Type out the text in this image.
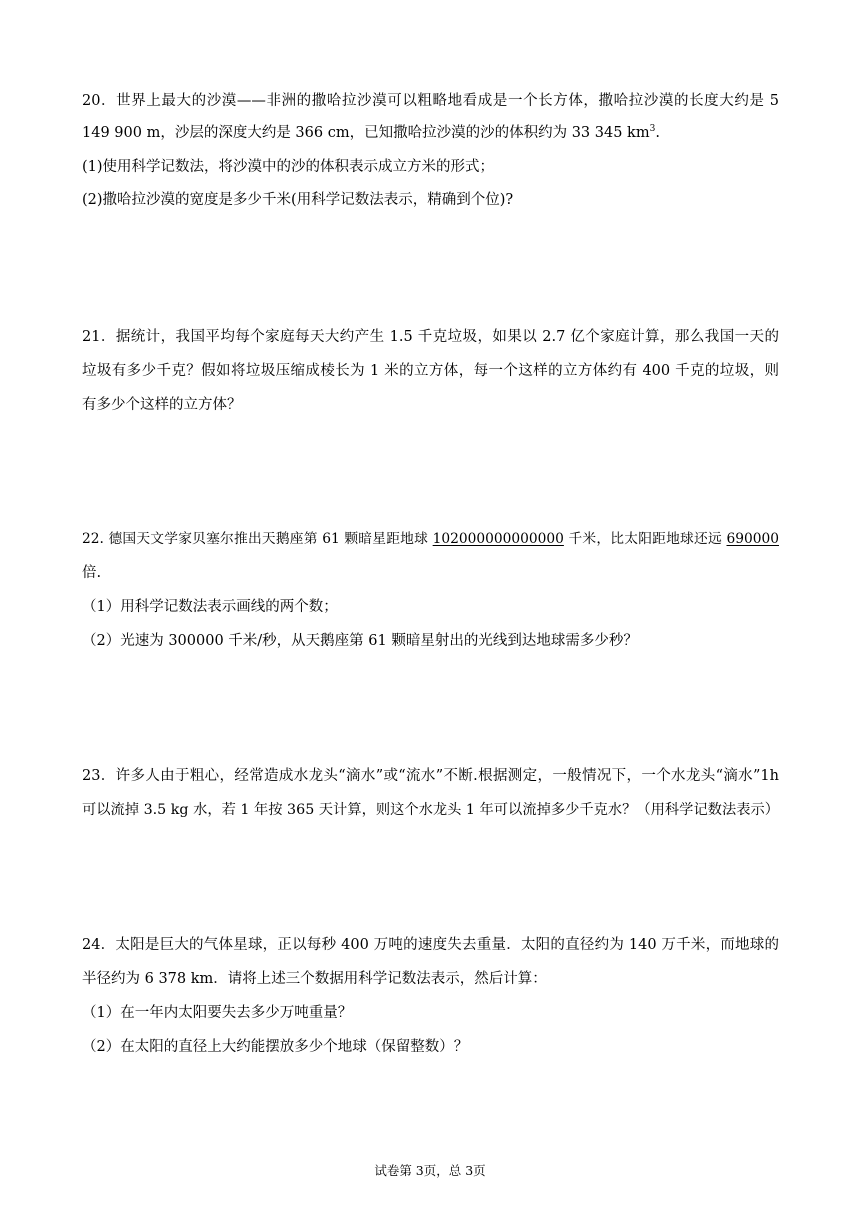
20．世界上最大的沙漠——非洲的撒哈拉沙漠可以粗略地看成是一个长方体，撒哈拉沙漠的长度大约是 5
149 900 m，沙层的深度大约是 366 cm，已知撒哈拉沙漠的沙的体积约为 33 345 $km^3$.
(1)使用科学记数法，将沙漠中的沙的体积表示成立方米的形式；
(2)撒哈拉沙漠的宽度是多少千米(用科学记数法表示，精确到个位)?
21．据统计，我国平均每个家庭每天大约产生 1.5 千克垃圾，如果以 2.7 亿个家庭计算，那么我国一天的
垃圾有多少千克？假如将垃圾压缩成棱长为 1 米的立方体，每一个这样的立方体约有 400 千克的垃圾，则
有多少个这样的立方体？
22. 德国天文学家贝塞尔推出天鹅座第 61 颗暗星距地球 102000000000000 千米，比太阳距地球还远 690000
倍.
（1）用科学记数法表示画线的两个数；
（2）光速为 300000 千米/秒，从天鹅座第 61 颗暗星射出的光线到达地球需多少秒？
23．许多人由于粗心，经常造成水龙头“滴水”或“流水”不断.根据测定，一般情况下，一个水龙头“滴水”1h
可以流掉 3.5 kg 水，若 1 年按 365 天计算，则这个水龙头 1 年可以流掉多少千克水？（用科学记数法表示）
24．太阳是巨大的气体星球，正以每秒 400 万吨的速度失去重量．太阳的直径约为 140 万千米，而地球的
半径约为 6 378 km．请将上述三个数据用科学记数法表示，然后计算：
（1）在一年内太阳要失去多少万吨重量？
（2）在太阳的直径上大约能摆放多少个地球（保留整数）？
试卷第 3页，总 3页
